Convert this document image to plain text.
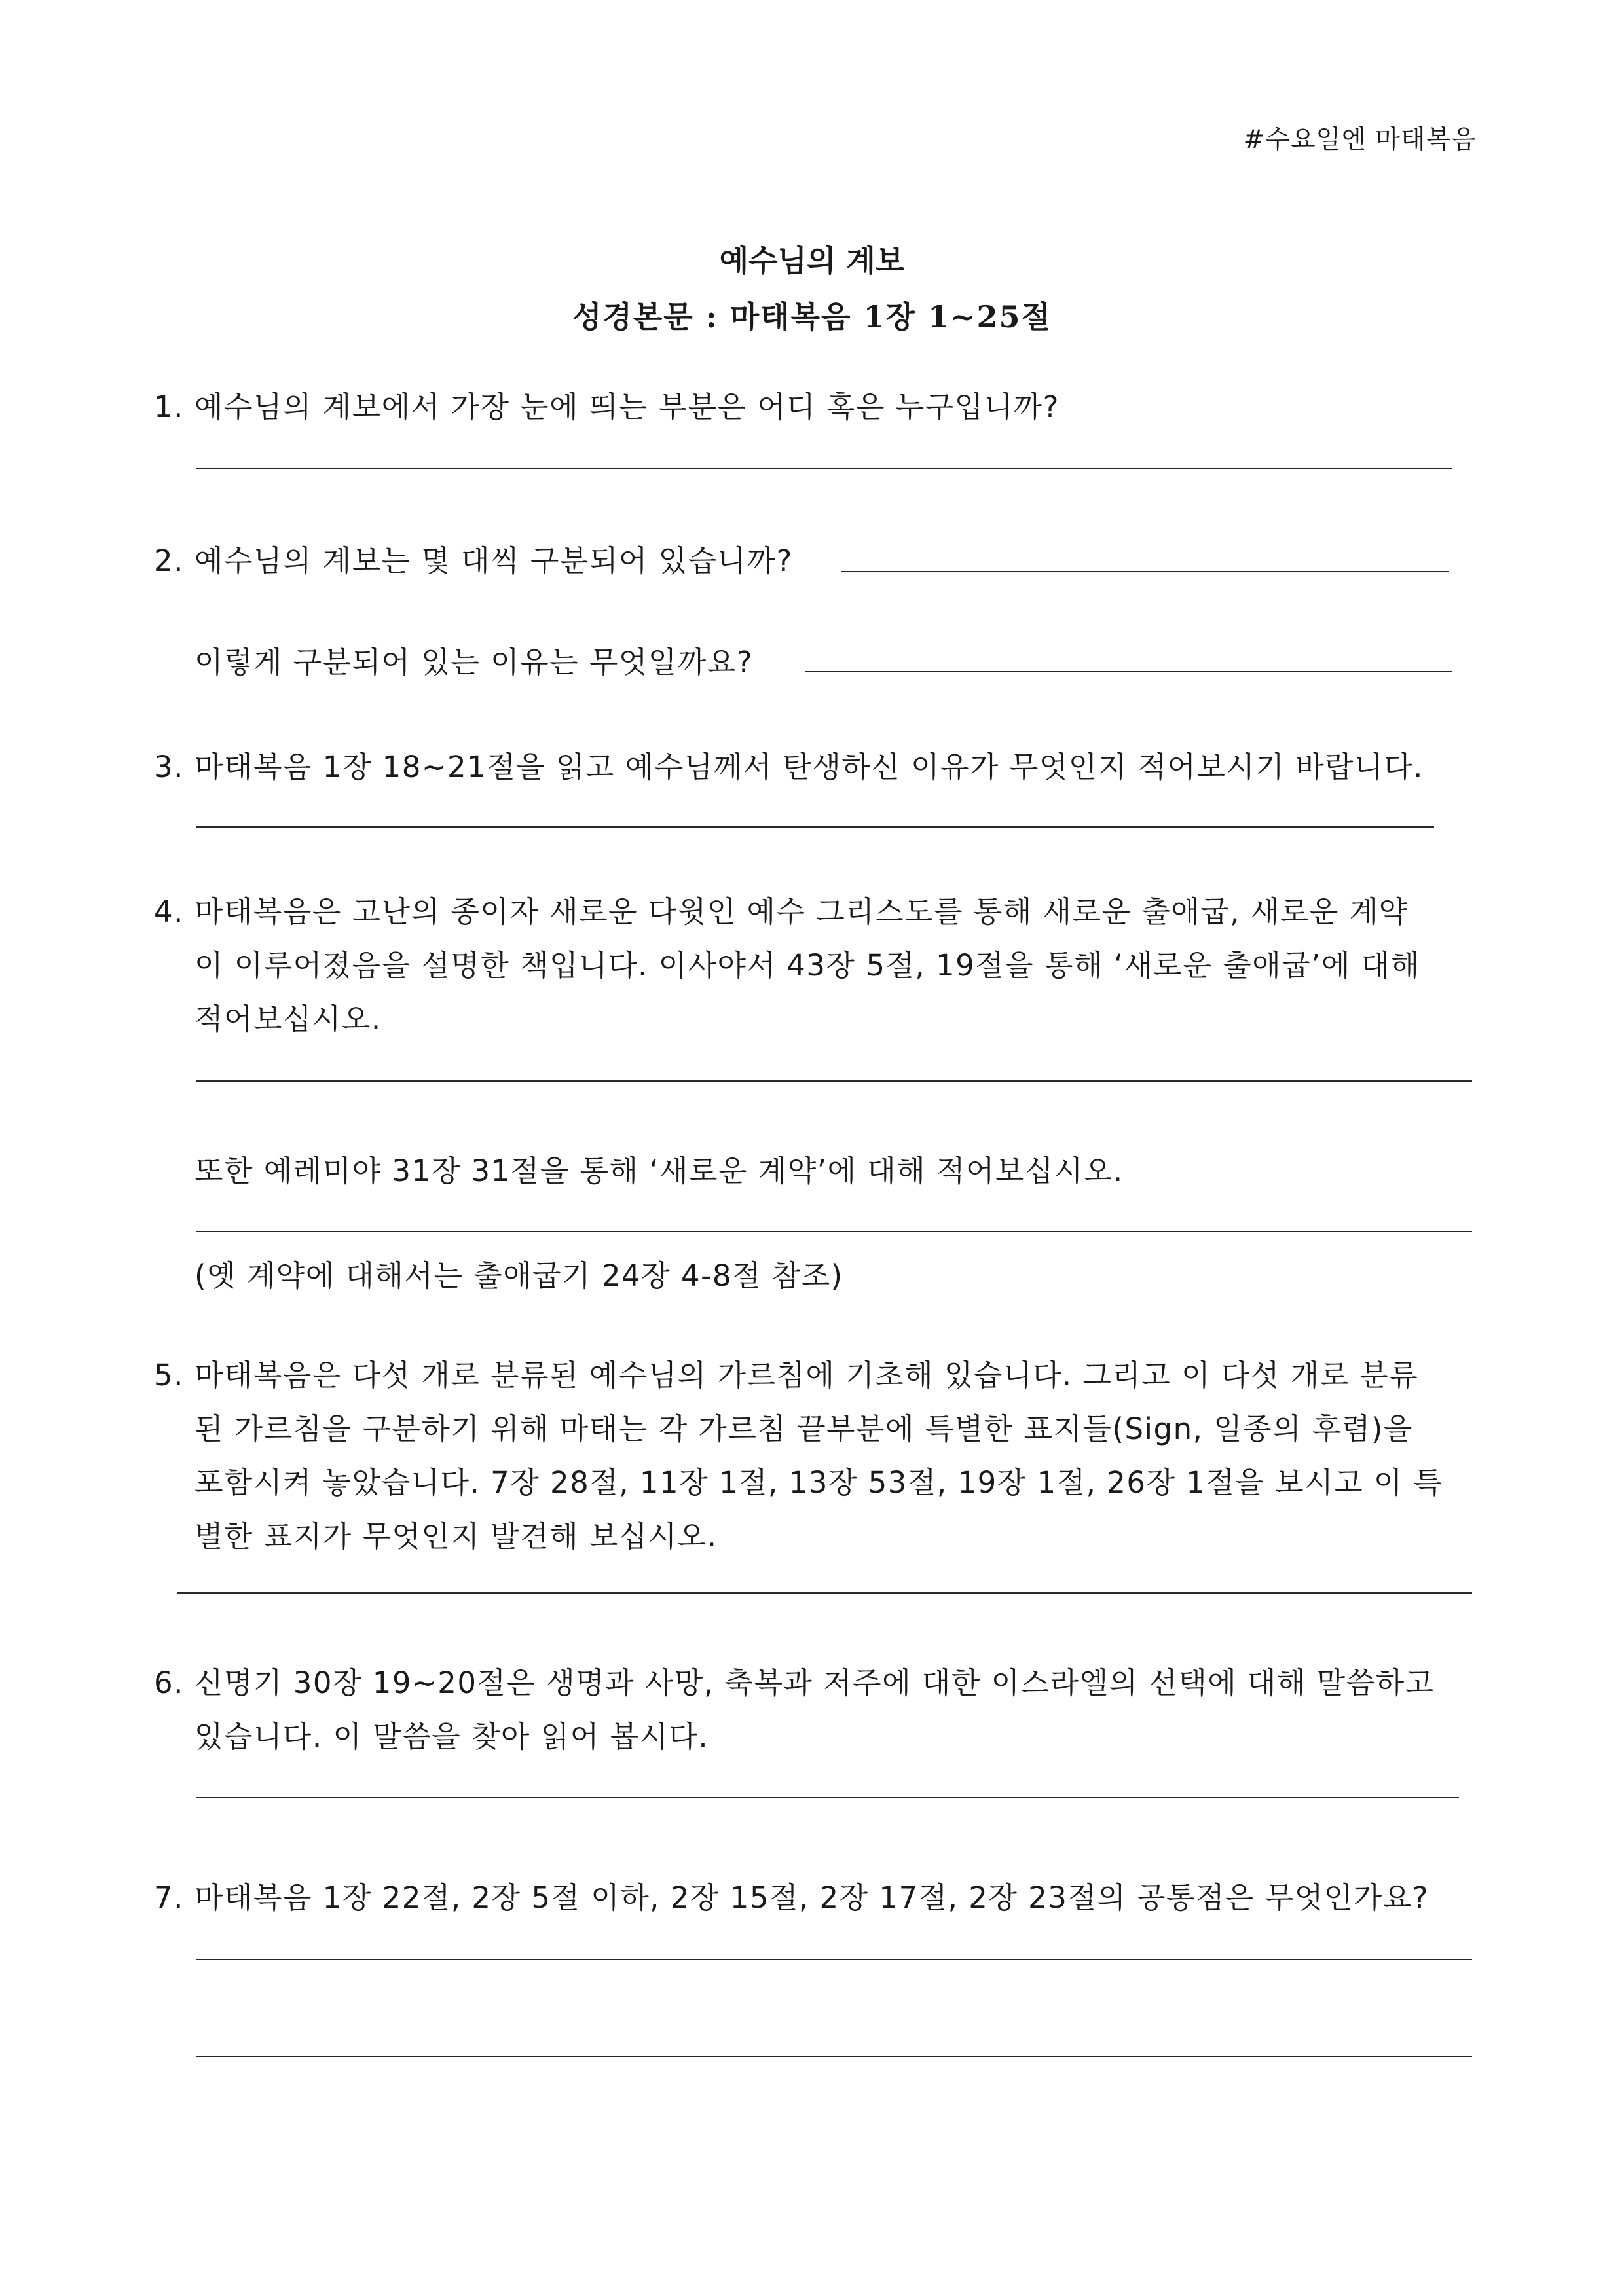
#수요일엔 마태복음
예수님의 계보
성경본문 : 마태복음 1장 1~25절
1. 예수님의 계보에서 가장 눈에 띄는 부분은 어디 혹은 누구입니까?
2. 예수님의 계보는 몇 대씩 구분되어 있습니까?
이렇게 구분되어 있는 이유는 무엇일까요?
3. 마태복음 1장 18~21절을 읽고 예수님께서 탄생하신 이유가 무엇인지 적어보시기 바랍니다.
4. 마태복음은 고난의 종이자 새로운 다윗인 예수 그리스도를 통해 새로운 출애굽, 새로운 계약
이 이루어졌음을 설명한 책입니다. 이사야서 43장 5절, 19절을 통해 ‘새로운 출애굽’에 대해
적어보십시오.
또한 예레미야 31장 31절을 통해 ‘새로운 계약’에 대해 적어보십시오.
(옛 계약에 대해서는 출애굽기 24장 4-8절 참조)
5. 마태복음은 다섯 개로 분류된 예수님의 가르침에 기초해 있습니다. 그리고 이 다섯 개로 분류
된 가르침을 구분하기 위해 마태는 각 가르침 끝부분에 특별한 표지들(Sign, 일종의 후렴)을
포함시켜 놓았습니다. 7장 28절, 11장 1절, 13장 53절, 19장 1절, 26장 1절을 보시고 이 특
별한 표지가 무엇인지 발견해 보십시오.
6. 신명기 30장 19~20절은 생명과 사망, 축복과 저주에 대한 이스라엘의 선택에 대해 말씀하고
있습니다. 이 말씀을 찾아 읽어 봅시다.
7. 마태복음 1장 22절, 2장 5절 이하, 2장 15절, 2장 17절, 2장 23절의 공통점은 무엇인가요?
